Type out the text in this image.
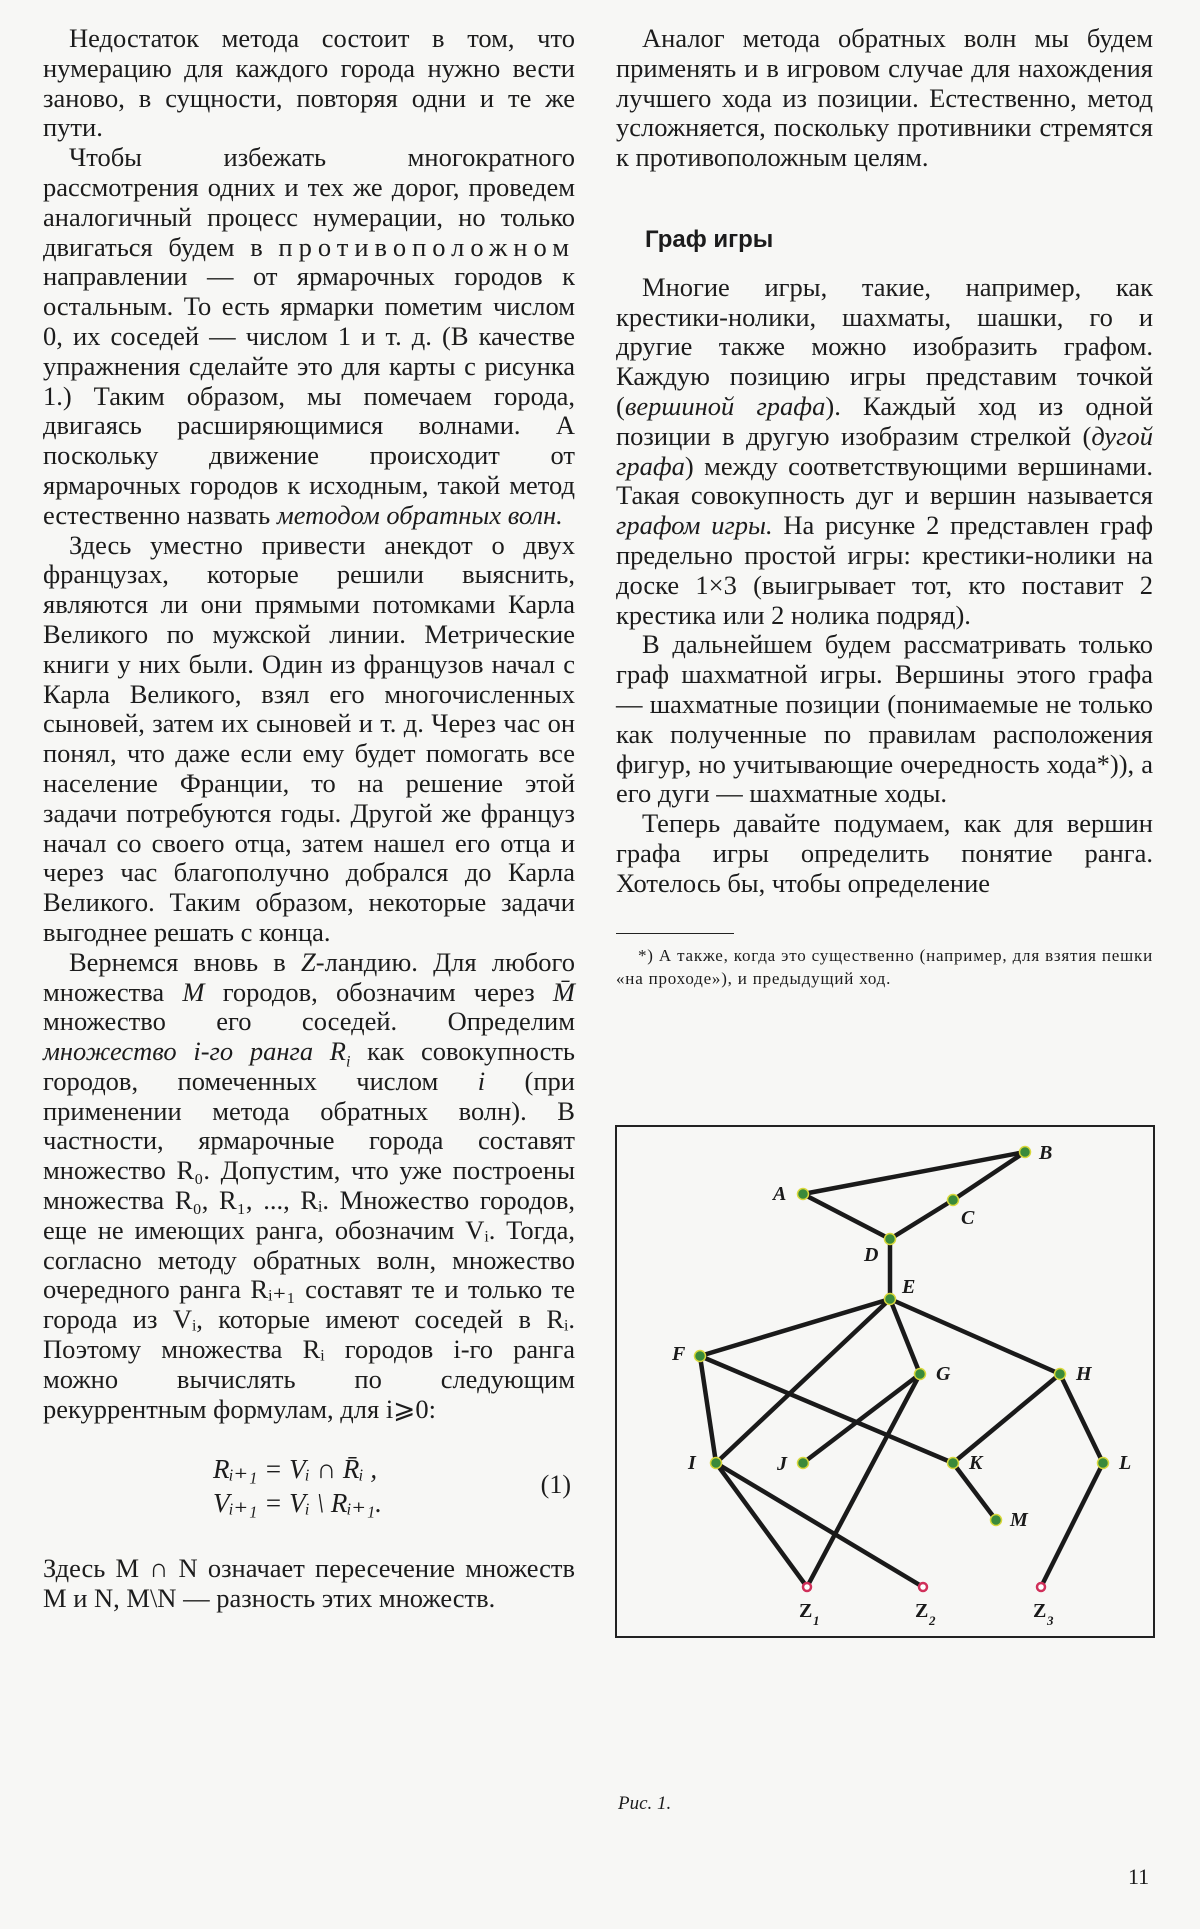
Недостаток метода состоит в том, что нумерацию для каждого города нужно вести заново, в сущности, повторяя одни и те же пути.

Чтобы избежать многократного рассмотрения одних и тех же дорог, проведем аналогичный процесс нумерации, но только двигаться будем в противоположном направлении — от ярмарочных городов к остальным. То есть ярмарки пометим числом 0, их соседей — числом 1 и т. д. (В качестве упражнения сделайте это для карты с рисунка 1.) Таким образом, мы помечаем города, двигаясь расширяющимися волнами. А поскольку движение происходит от ярмарочных городов к исходным, такой метод естественно назвать методом обратных волн.

Здесь уместно привести анекдот о двух французах, которые решили выяснить, являются ли они прямыми потомками Карла Великого по мужской линии. Метрические книги у них были. Один из французов начал с Карла Великого, взял его многочисленных сыновей, затем их сыновей и т. д. Через час он понял, что даже если ему будет помогать все население Франции, то на решение этой задачи потребуются годы. Другой же француз начал со своего отца, затем нашел его отца и через час благополучно добрался до Карла Великого. Таким образом, некоторые задачи выгоднее решать с конца.

Вернемся вновь в Z-ландию. Для любого множества M городов, обозначим через M̄ множество его соседей. Определим множество i-го ранга $R_i$ как совокупность городов, помеченных числом i (при применении метода обратных волн). В частности, ярмарочные города составят множество R₀. Допустим, что уже построены множества R₀, R₁, ..., Rᵢ. Множество городов, еще не имеющих ранга, обозначим Vᵢ. Тогда, согласно методу обратных волн, множество очередного ранга Rᵢ₊₁ составят те и только те города из Vᵢ, которые имеют соседей в Rᵢ. Поэтому множества Rᵢ городов i-го ранга можно вычислять по следующим рекуррентным формулам, для i⩾0:

Rᵢ₊₁ = Vᵢ ∩ R̄ᵢ ,
Vᵢ₊₁ = Vᵢ \ Rᵢ₊₁.
(1)

Здесь M ∩ N означает пересечение множеств M и N, M\N — разность этих множеств.

Аналог метода обратных волн мы будем применять и в игровом случае для нахождения лучшего хода из позиции. Естественно, метод усложняется, поскольку противники стремятся к противоположным целям.

Граф игры

Многие игры, такие, например, как крестики-нолики, шахматы, шашки, го и другие также можно изобразить графом. Каждую позицию игры представим точкой (вершиной графа). Каждый ход из одной позиции в другую изобразим стрелкой (дугой графа) между соответствующими вершинами. Такая совокупность дуг и вершин называется графом игры. На рисунке 2 представлен граф предельно простой игры: крестики-нолики на доске 1×3 (выигрывает тот, кто поставит 2 крестика или 2 нолика подряд).

В дальнейшем будем рассматривать только граф шахматной игры. Вершины этого графа — шахматные позиции (понимаемые не только как полученные по правилам расположения фигур, но учитывающие очередность хода*)), а его дуги — шахматные ходы.

Теперь давайте подумаем, как для вершин графа игры определить понятие ранга. Хотелось бы, чтобы определение

*) А также, когда это существенно (например, для взятия пешки «на проходе»), и предыдущий ход.

A
B
C
D
E
F
G	H
I	J	K	L
M
Z 1	Z 2	Z 3
Рис. 1.
11
